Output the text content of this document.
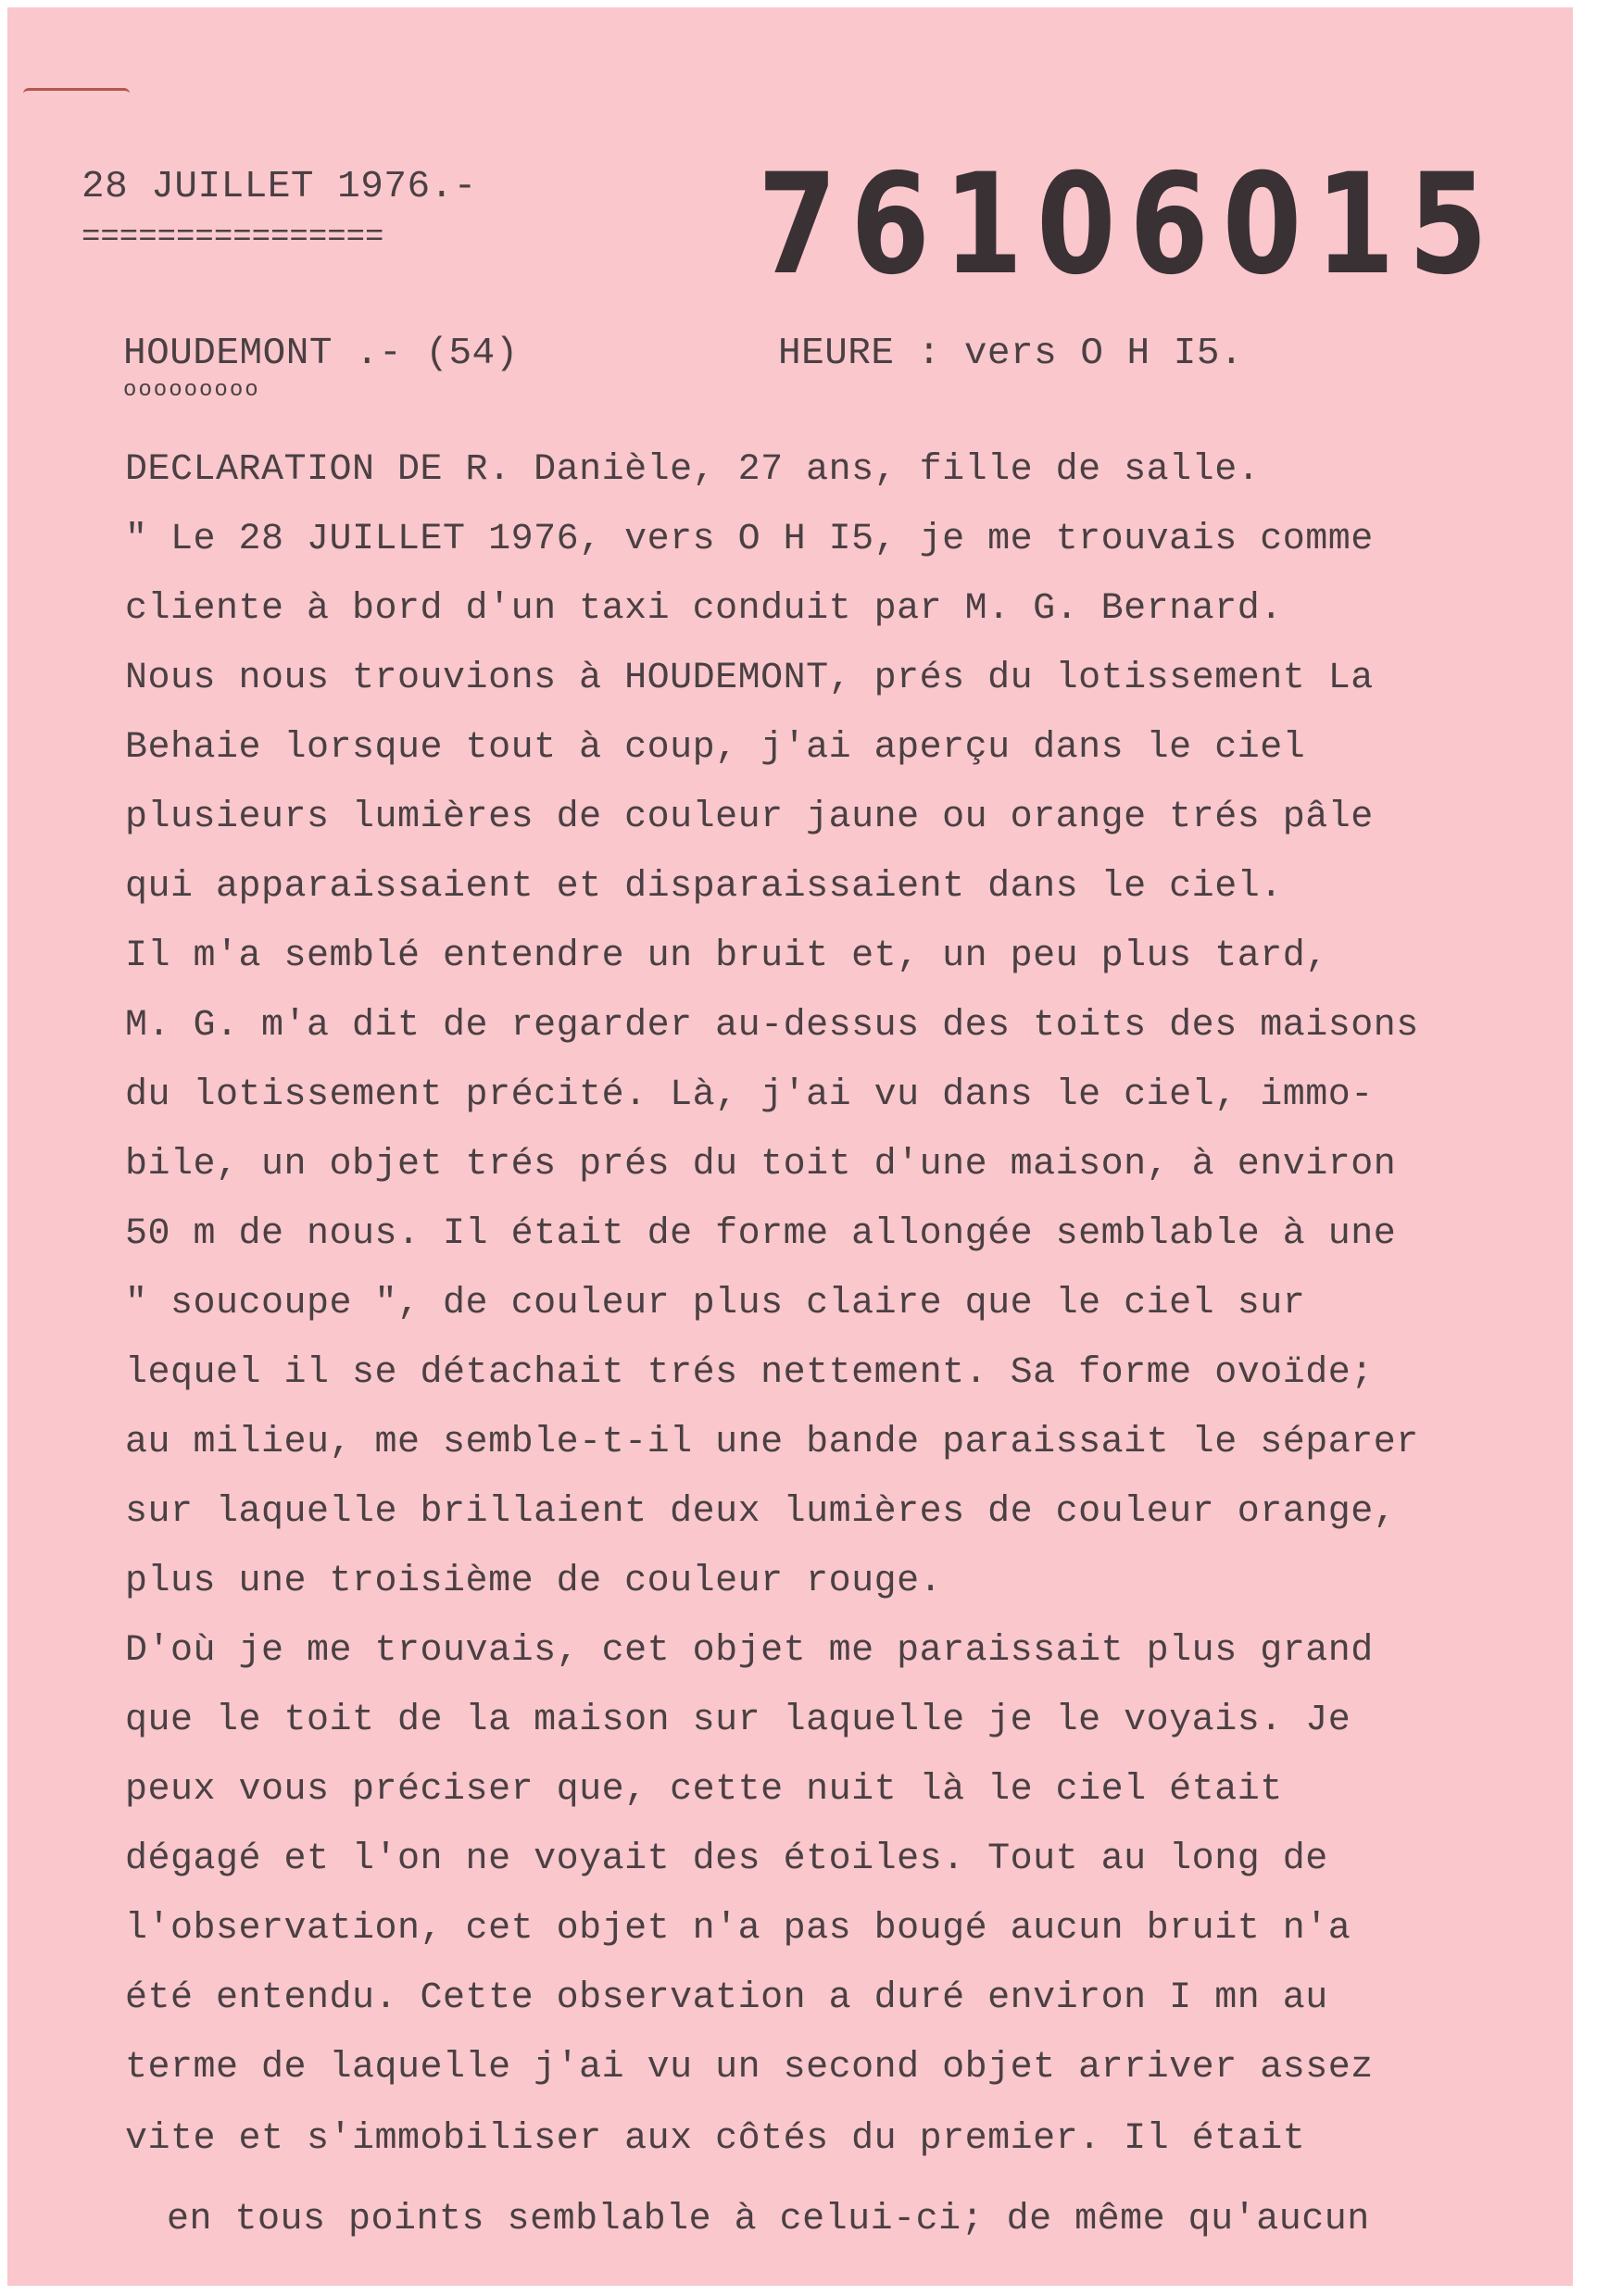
28 JUILLET 1976.-
================	76106015
HOUDEMONT .- (54)
ooooooooo
HEURE : vers O H I5.
DECLARATION DE R. Danièle, 27 ans, fille de salle.
" Le 28 JUILLET 1976, vers O H I5, je me trouvais comme
cliente à bord d'un taxi conduit par M. G. Bernard.
Nous nous trouvions à HOUDEMONT, prés du lotissement La
Behaie lorsque tout à coup, j'ai aperçu dans le ciel
plusieurs lumières de couleur jaune ou orange trés pâle
qui apparaissaient et disparaissaient dans le ciel.
Il m'a semblé entendre un bruit et, un peu plus tard,
M. G. m'a dit de regarder au-dessus des toits des maisons
du lotissement précité. Là, j'ai vu dans le ciel, immo-
bile, un objet trés prés du toit d'une maison, à environ
50 m de nous. Il était de forme allongée semblable à une
" soucoupe ", de couleur plus claire que le ciel sur
lequel il se détachait trés nettement. Sa forme ovoïde;
au milieu, me semble-t-il une bande paraissait le séparer
sur laquelle brillaient deux lumières de couleur orange,
plus une troisième de couleur rouge.
D'où je me trouvais, cet objet me paraissait plus grand
que le toit de la maison sur laquelle je le voyais. Je
peux vous préciser que, cette nuit là le ciel était
dégagé et l'on ne voyait des étoiles. Tout au long de
l'observation, cet objet n'a pas bougé aucun bruit n'a
été entendu. Cette observation a duré environ I mn au
terme de laquelle j'ai vu un second objet arriver assez
vite et s'immobiliser aux côtés du premier. Il était
en tous points semblable à celui-ci; de même qu'aucun
